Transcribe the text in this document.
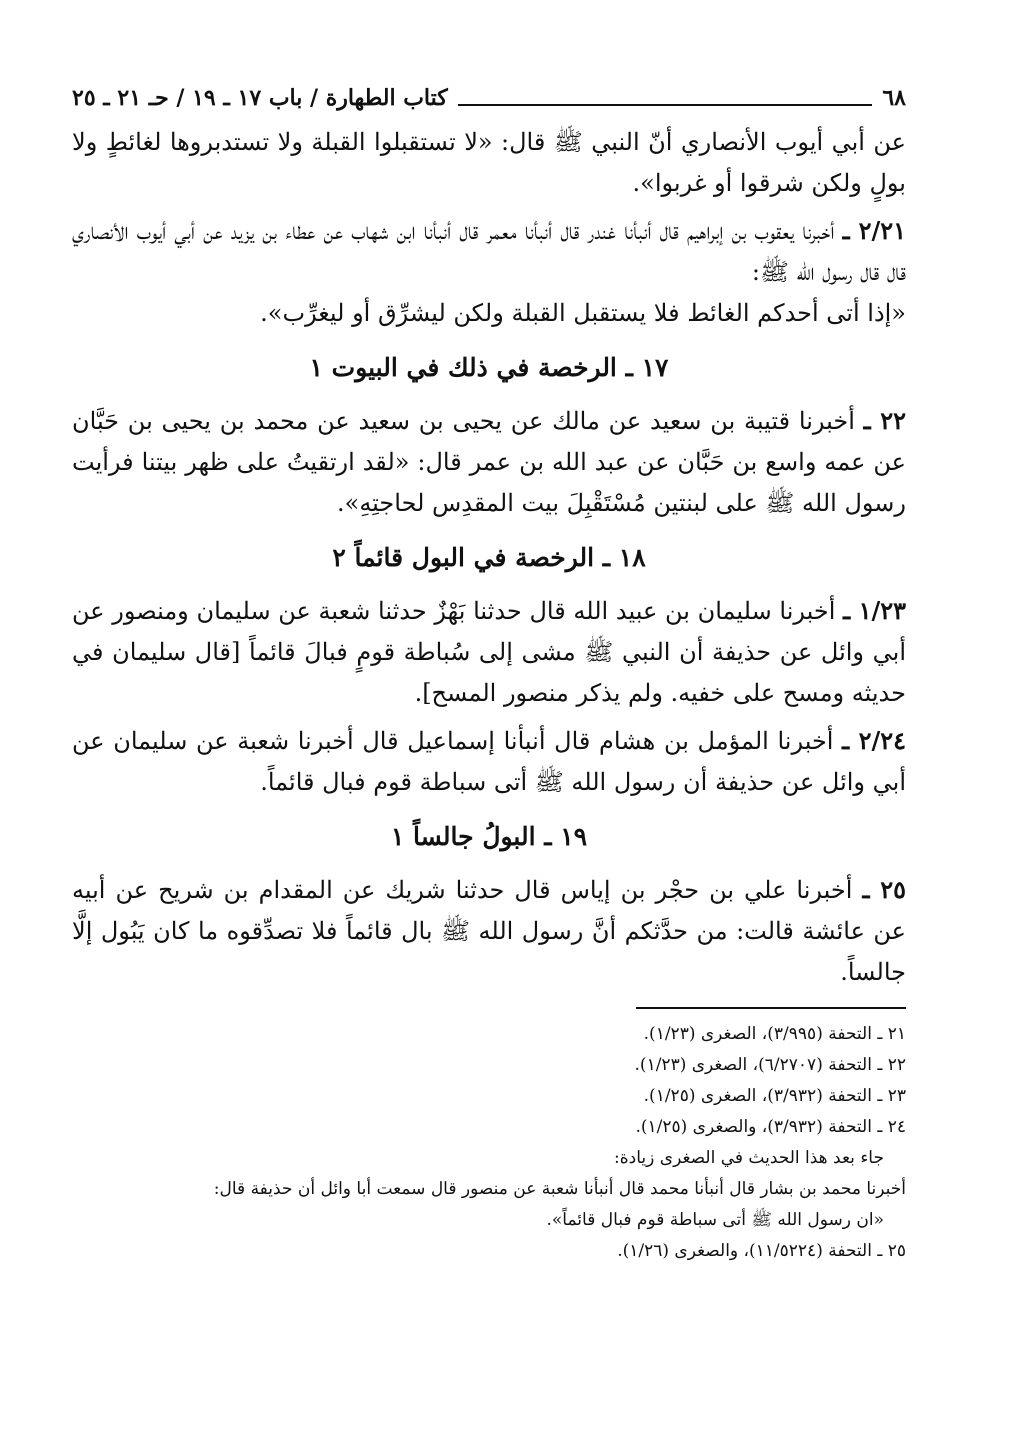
٦٨
كتاب الطهارة / باب ١٧ ـ ١٩ / حـ ٢١ ـ ٢٥

عن أبي أيوب الأنصاري أنّ النبي ﷺ قال: «لا تستقبلوا القبلة ولا تستدبروها لغائطٍ ولا بولٍ ولكن شرقوا أو غربوا».

٢/٢١ ـ أخبرنا يعقوب بن إبراهيم قال أنبأنا غندر قال أنبأنا معمر قال أنبأنا ابن شهاب عن عطاء بن يزيد عن أبي أيوب الأنصاري قال قال رسول الله ﷺ:
«إذا أتى أحدكم الغائط فلا يستقبل القبلة ولكن ليشرِّق أو ليغرِّب».

١٧ ـ الرخصة في ذلك في البيوت ١

٢٢ ـ أخبرنا قتيبة بن سعيد عن مالك عن يحيى بن سعيد عن محمد بن يحيى بن حَبَّان عن عمه واسع بن حَبَّان عن عبد الله بن عمر قال: «لقد ارتقيتُ على ظهر بيتنا فرأيت رسول الله ﷺ على لبنتين مُسْتَقْبِلَ بيت المقدِس لحاجتِهِ».

١٨ ـ الرخصة في البول قائماً ٢

١/٢٣ ـ أخبرنا سليمان بن عبيد الله قال حدثنا بَهْزٌ حدثنا شعبة عن سليمان ومنصور عن أبي وائل عن حذيفة أن النبي ﷺ مشى إلى سُباطة قومٍ فبالَ قائماً [قال سليمان في حديثه ومسح على خفيه. ولم يذكر منصور المسح].

٢/٢٤ ـ أخبرنا المؤمل بن هشام قال أنبأنا إسماعيل قال أخبرنا شعبة عن سليمان عن أبي وائل عن حذيفة أن رسول الله ﷺ أتى سباطة قوم فبال قائماً.

١٩ ـ البولُ جالساً ١

٢٥ ـ أخبرنا علي بن حجْر بن إياس قال حدثنا شريك عن المقدام بن شريح عن أبيه عن عائشة قالت: من حدَّثكم أنَّ رسول الله ﷺ بال قائماً فلا تصدِّقوه ما كان يَبُول إلَّا جالساً.

٢١ ـ التحفة (٣/٩٩٥)، الصغرى (١/٢٣).

٢٢ ـ التحفة (٦/٢٧٠٧)، الصغرى (١/٢٣).

٢٣ ـ التحفة (٣/٩٣٢)، الصغرى (١/٢٥).

٢٤ ـ التحفة (٣/٩٣٢)، والصغرى (١/٢٥).

جاء بعد هذا الحديث في الصغرى زيادة:

أخبرنا محمد بن بشار قال أنبأنا محمد قال أنبأنا شعبة عن منصور قال سمعت أبا وائل أن حذيفة قال:

«ان رسول الله ﷺ أتى سباطة قوم فبال قائماً».

٢٥ ـ التحفة (١١/٥٢٢٤)، والصغرى (١/٢٦).
